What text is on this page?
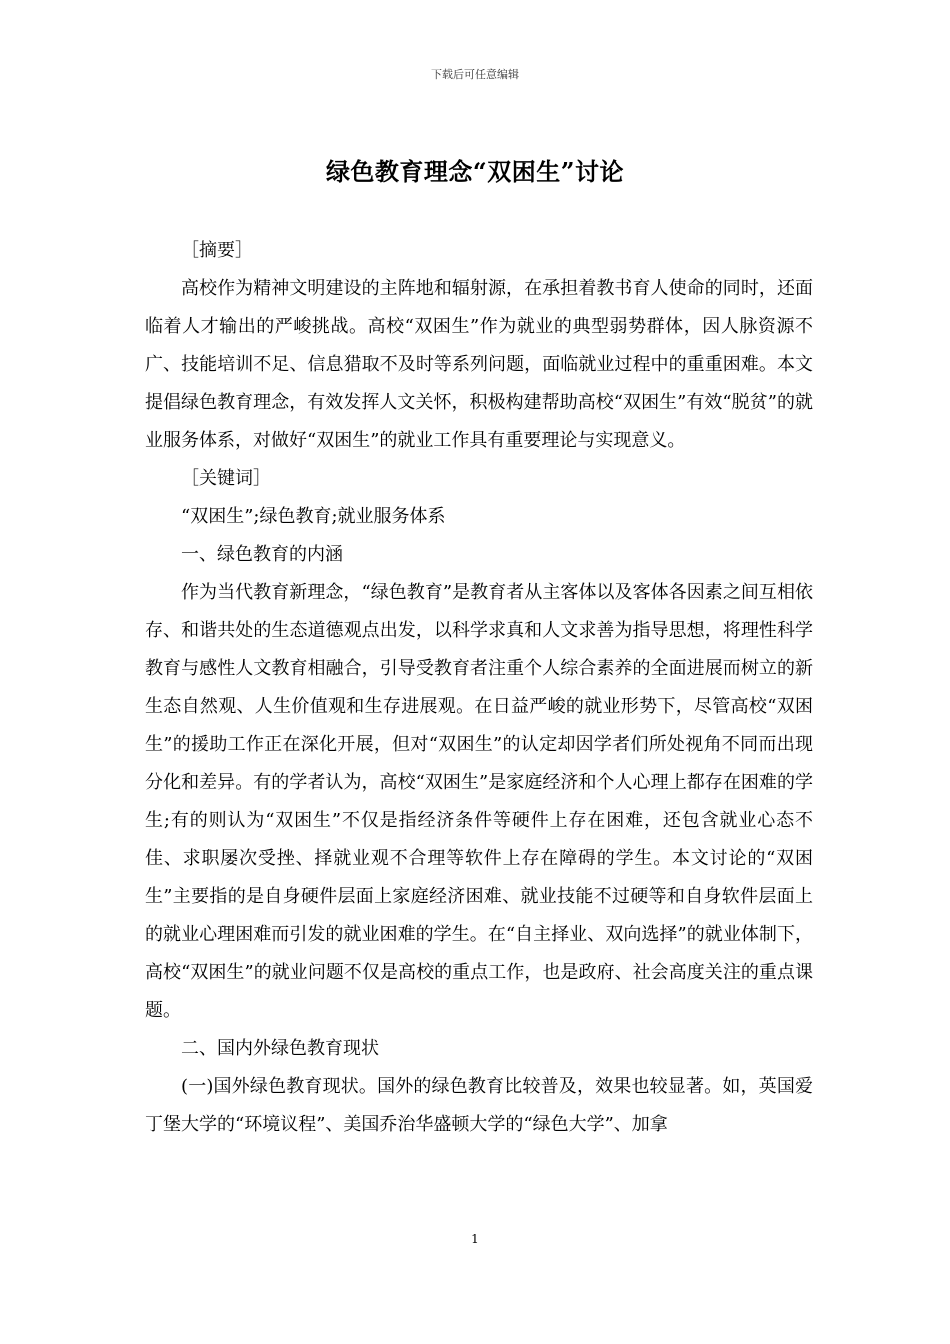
下载后可任意编辑
绿色教育理念“双困生”讨论

［摘要］

高校作为精神文明建设的主阵地和辐射源，在承担着教书育人使命的同时，还面临着人才输出的严峻挑战。高校“双困生”作为就业的典型弱势群体，因人脉资源不广、技能培训不足、信息猎取不及时等系列问题，面临就业过程中的重重困难。本文提倡绿色教育理念，有效发挥人文关怀，积极构建帮助高校“双困生”有效“脱贫”的就业服务体系，对做好“双困生”的就业工作具有重要理论与实现意义。

［关键词］

“双困生”;绿色教育;就业服务体系

一、绿色教育的内涵

作为当代教育新理念，“绿色教育”是教育者从主客体以及客体各因素之间互相依存、和谐共处的生态道德观点出发，以科学求真和人文求善为指导思想，将理性科学教育与感性人文教育相融合，引导受教育者注重个人综合素养的全面进展而树立的新生态自然观、人生价值观和生存进展观。在日益严峻的就业形势下，尽管高校“双困生”的援助工作正在深化开展，但对“双困生”的认定却因学者们所处视角不同而出现分化和差异。有的学者认为，高校“双困生”是家庭经济和个人心理上都存在困难的学生;有的则认为“双困生”不仅是指经济条件等硬件上存在困难，还包含就业心态不佳、求职屡次受挫、择就业观不合理等软件上存在障碍的学生。本文讨论的“双困生”主要指的是自身硬件层面上家庭经济困难、就业技能不过硬等和自身软件层面上的就业心理困难而引发的就业困难的学生。在“自主择业、双向选择”的就业体制下，高校“双困生”的就业问题不仅是高校的重点工作，也是政府、社会高度关注的重点课题。

二、国内外绿色教育现状

(一)国外绿色教育现状。国外的绿色教育比较普及，效果也较显著。如，英国爱丁堡大学的“环境议程”、美国乔治华盛顿大学的“绿色大学”、加拿

1
